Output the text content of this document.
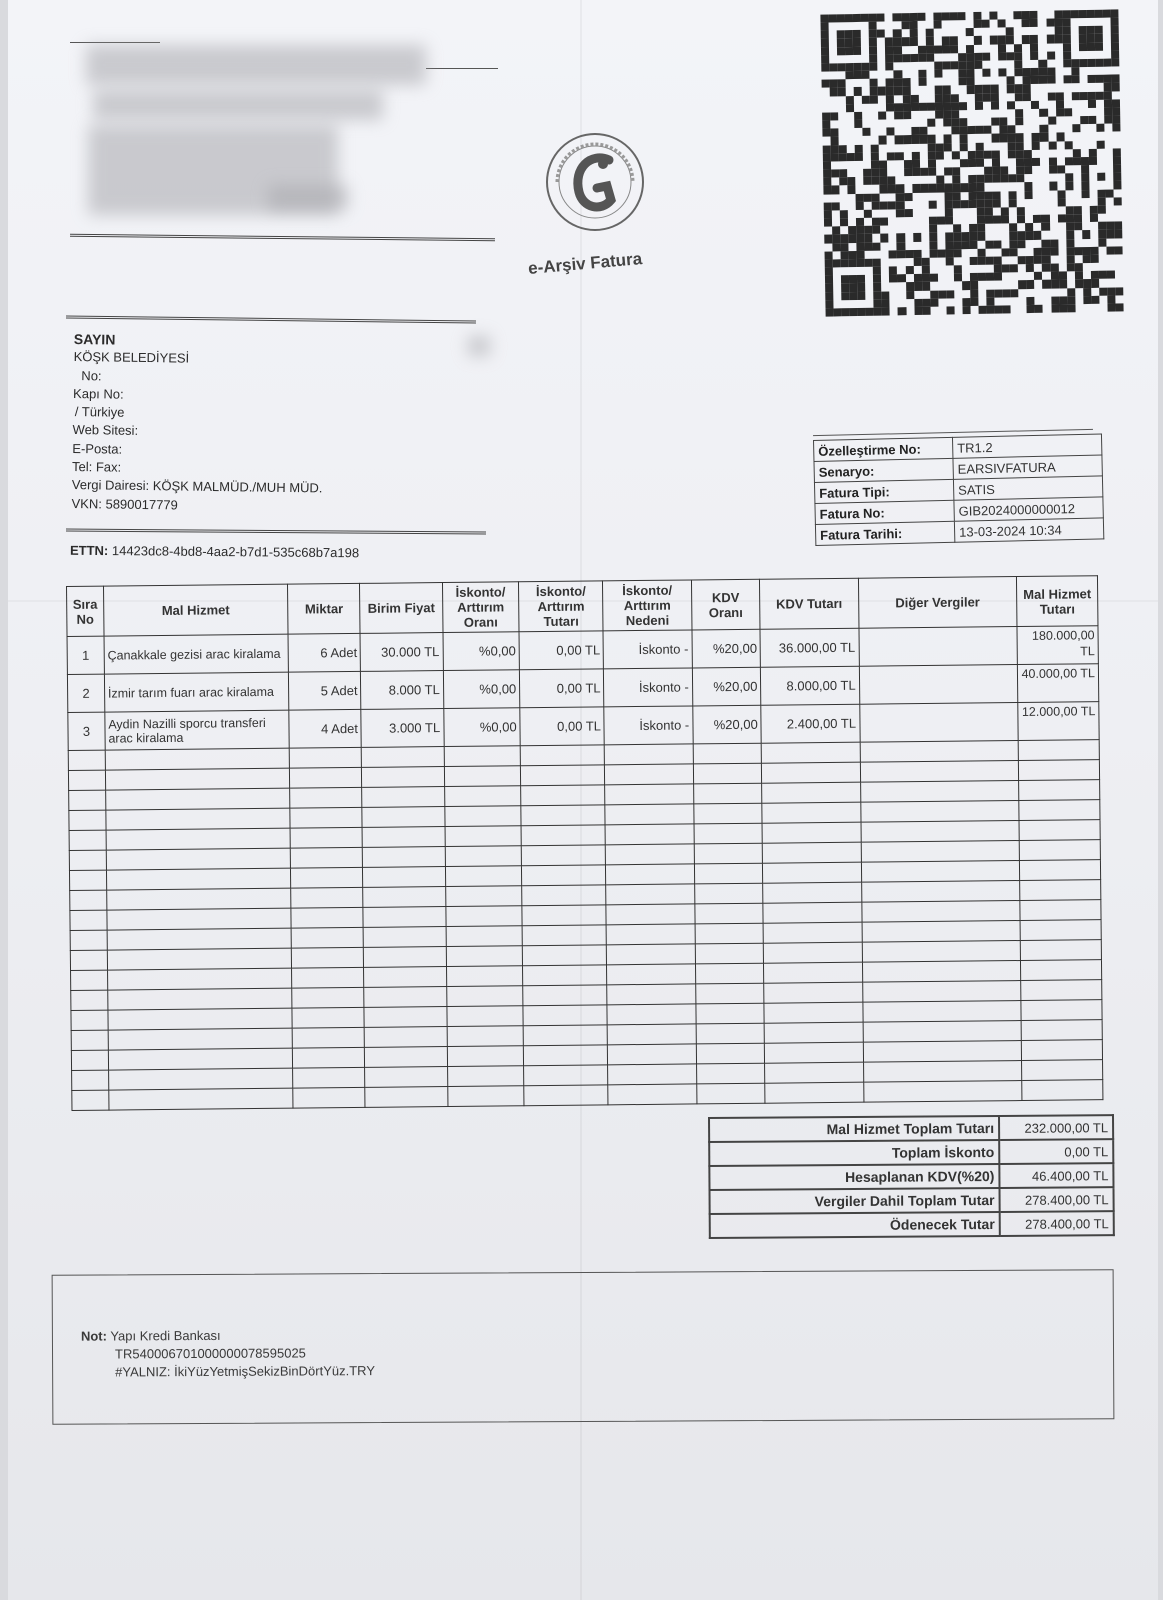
e-Arşiv Fatura
SAYIN
KÖŞK BELEDİYESİ
No:
Kapı No:
/ Türkiye
Web Sitesi:
E-Posta:
Tel: Fax:
Vergi Dairesi: KÖŞK MALMÜD./MUH MÜD.
VKN: 5890017779
ETTN: 14423dc8-4bd8-4aa2-b7d1-535c68b7a198
Özelleştirme No:	TR1.2
Senaryo:	EARSIVFATURA
Fatura Tipi:	SATIS
Fatura No:	GIB2024000000012
Fatura Tarihi:	13-03-2024 10:34
Sıra No	Mal Hizmet	Miktar	Birim Fiyat	İskonto/ Arttırım Oranı	İskonto/ Arttırım Tutarı	İskonto/ Arttırım Nedeni	KDV Oranı	KDV Tutarı	Diğer Vergiler	Mal Hizmet Tutarı
1	Çanakkale gezisi arac kiralama	6 Adet	30.000 TL	%0,00	0,00 TL	İskonto -	%20,00	36.000,00 TL		180.000,00 TL
2	İzmir tarım fuarı arac kiralama	5 Adet	8.000 TL	%0,00	0,00 TL	İskonto -	%20,00	8.000,00 TL		40.000,00 TL
3	Aydin Nazilli sporcu transferi arac kiralama	4 Adet	3.000 TL	%0,00	0,00 TL	İskonto -	%20,00	2.400,00 TL		12.000,00 TL

Mal Hizmet Toplam Tutarı	232.000,00 TL
Toplam İskonto	0,00 TL
Hesaplanan KDV(%20)	46.400,00 TL
Vergiler Dahil Toplam Tutar	278.400,00 TL
Ödenecek Tutar	278.400,00 TL
Not: Yapı Kredi Bankası
TR540006701000000078595025
#YALNIZ: İkiYüzYetmişSekizBinDörtYüz.TRY
